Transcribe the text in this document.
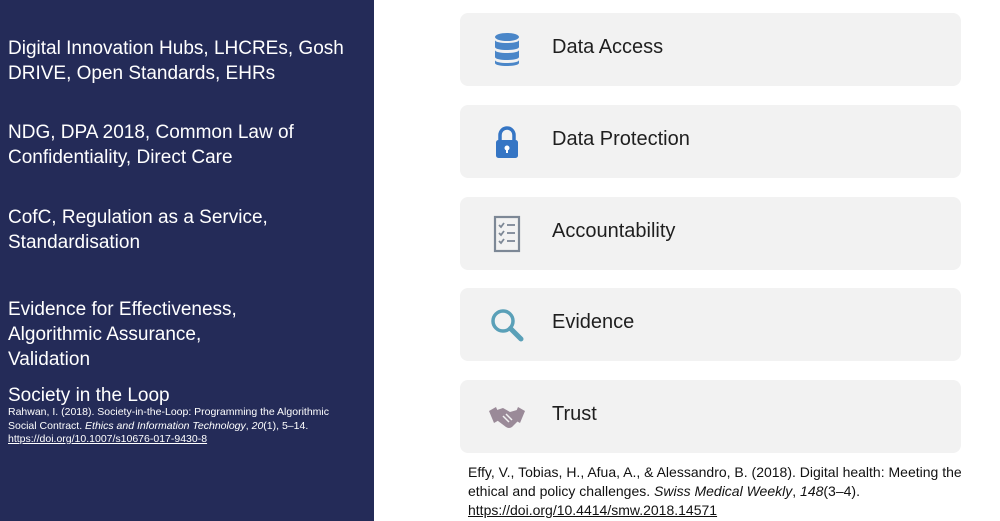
Digital Innovation Hubs, LHCREs, Gosh
DRIVE, Open Standards, EHRs
NDG, DPA 2018, Common Law of
Confidentiality, Direct Care
CofC, Regulation as a Service,
Standardisation
Evidence for Effectiveness,
Algorithmic Assurance,
Validation
Society in the Loop
Rahwan, I. (2018). Society-in-the-Loop: Programming the Algorithmic
Social Contract. Ethics and Information Technology, 20(1), 5–14.
https://doi.org/10.1007/s10676-017-9430-8
Data Access
Data Protection
Accountability
Evidence
Trust
Effy, V., Tobias, H., Afua, A., & Alessandro, B. (2018). Digital health: Meeting the
ethical and policy challenges. Swiss Medical Weekly, 148(3–4).
https://doi.org/10.4414/smw.2018.14571
